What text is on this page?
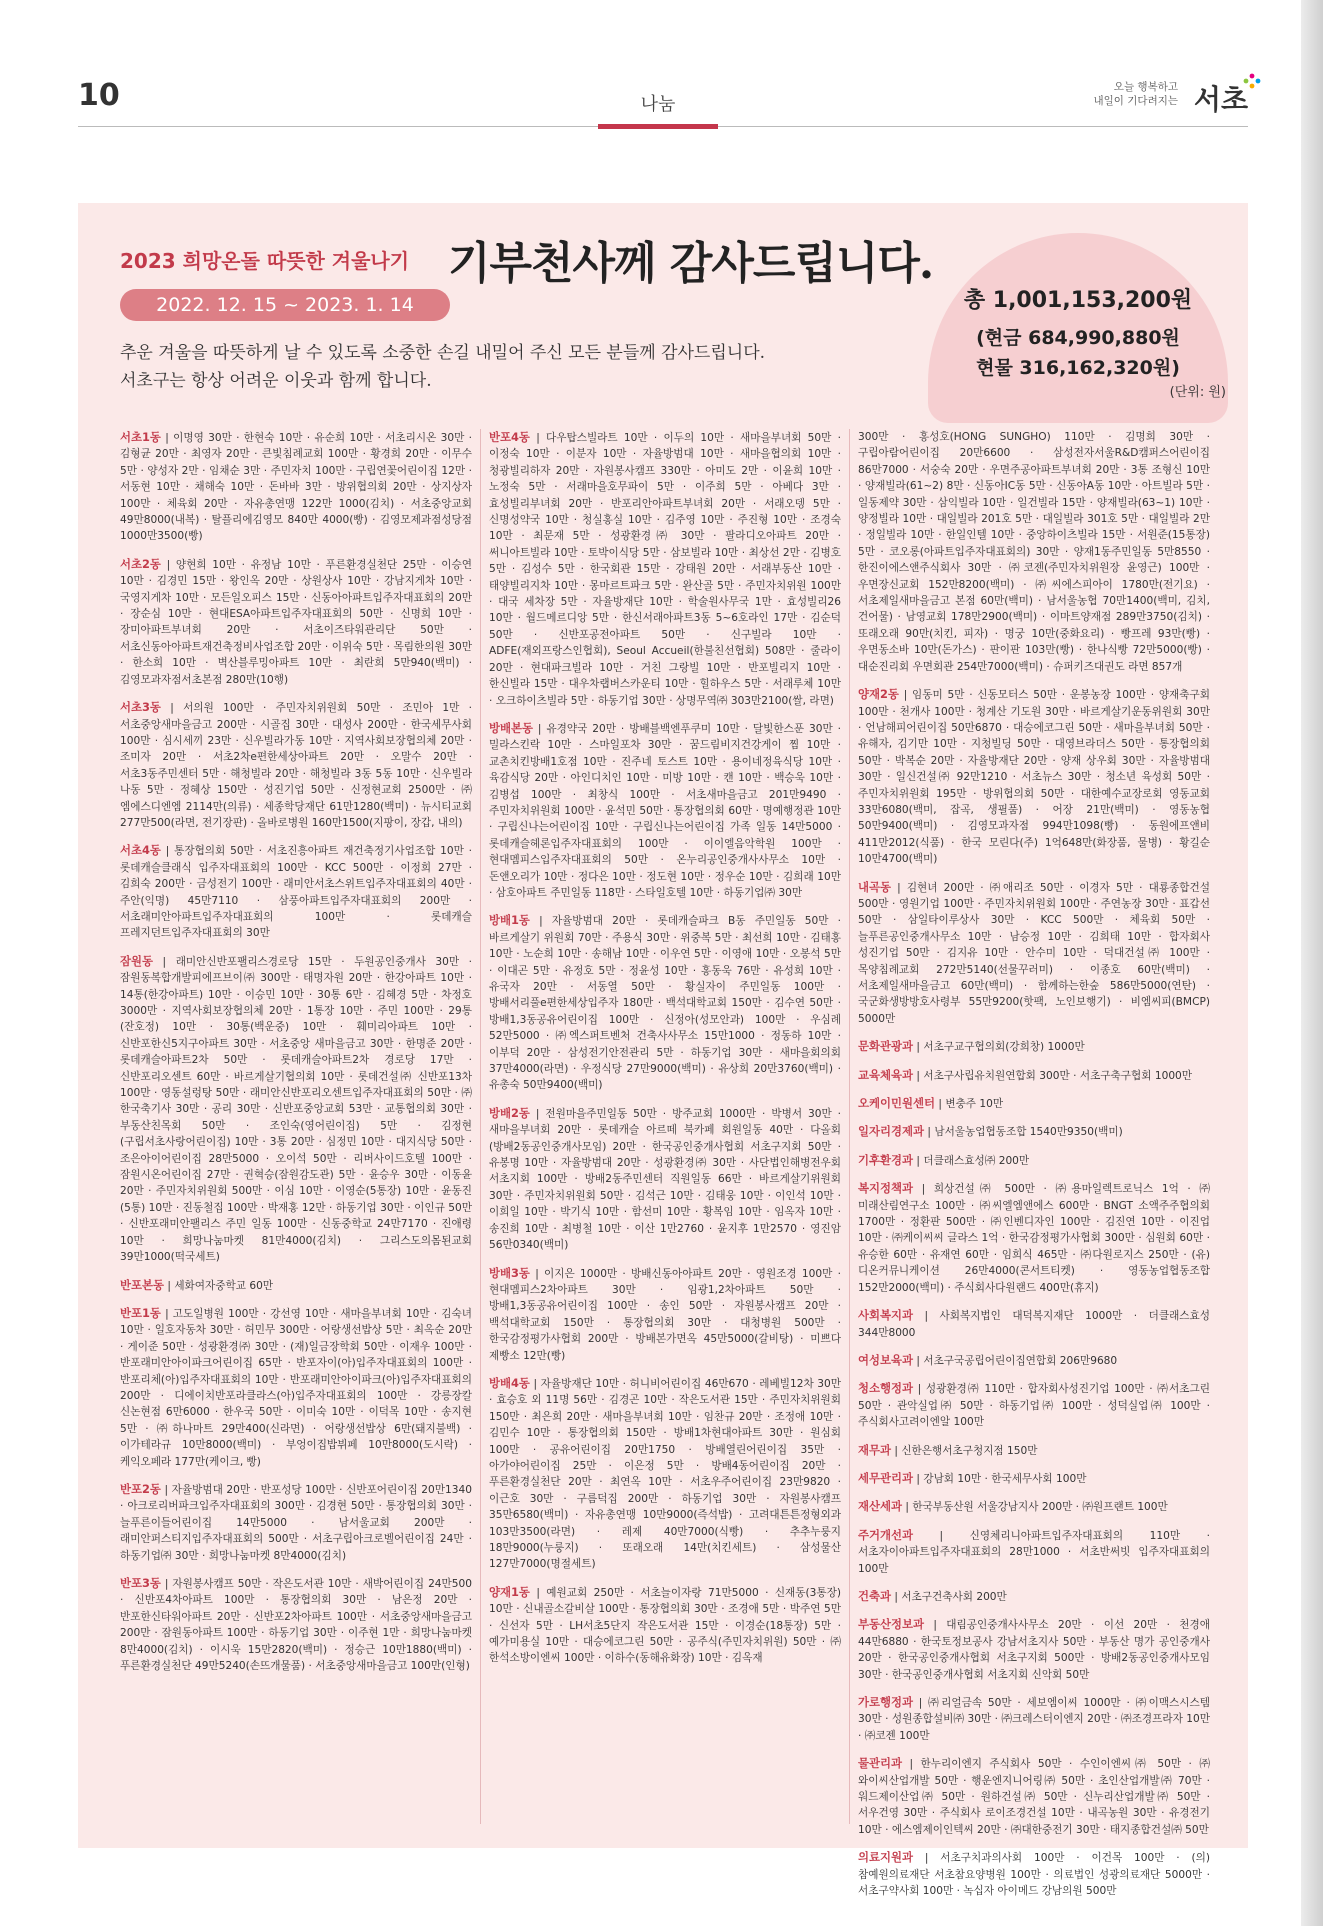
10	나눔
오늘 행복하고
내일이 기다려지는 서초
2023 희망온돌 따뜻한 겨울나기 기부천사께 감사드립니다.
2022. 12. 15 ~ 2023. 1. 14
추운 겨울을 따뜻하게 날 수 있도록 소중한 손길 내밀어 주신 모든 분들께 감사드립니다.
서초구는 항상 어려운 이웃과 함께 합니다.
총 1,001,153,200원
(현금 684,990,880원
현물 316,162,320원)
(단위: 원)
서초1동 | 이명영 30만 · 한현숙 10만 · 유순희 10만 · 서초리시온 30만 · 김형균 20만 · 최영자 20만 · 큰빛침례교회 100만 · 황경희 20만 · 이무수 5만 · 양성자 2만 · 임채순 3만 · 주민자치 100만 · 구립연꽃어린이집 12만 · 서동현 10만 · 채해숙 10만 · 돈바바 3만 · 방위협의회 20만 · 상지상자 100만 · 체육회 20만 · 자유총연맹 122만 1000(김치) · 서초중앙교회 49만8000(내복) · 탈플리에김영모 840만 4000(빵) · 김영모제과점성당점 1000만3500(빵)
서초2동 | 양현희 10만 · 유정남 10만 · 푸른환경실천단 25만 · 이승연 10만 · 김경민 15만 · 왕인옥 20만 · 상원상사 10만 · 강남지게차 10만 · 국영지게차 10만 · 모든일오피스 15만 · 신동아아파트입주자대표회의 20만 · 장순심 10만 · 현대ESA아파트입주자대표회의 50만 · 신명희 10만 · 장미아파트부녀회 20만 · 서초이즈타워관리단 50만 · 서초신동아아파트재건축정비사업조합 20만 · 이위숙 5만 · 목림한의원 30만 · 한소희 10만 · 벽산블루밍아파트 10만 · 최란희 5만940(백미) · 김영모과자점서초본점 280만(10행)
서초3동 | 서의원 100만 · 주민자치위원회 50만 · 조민아 1만 · 서초중앙새마을금고 200만 · 시골집 30만 · 대성사 200만 · 한국세무사회 100만 · 심시세끼 23만 · 신우빌라가동 10만 · 지역사회보장협의체 20만 · 조미자 20만 · 서초2차e편한세상아파트 20만 · 오말수 20만 · 서초3동주민센터 5만 · 해청빌라 20만 · 해청빌라 3동 5동 10만 · 신우빌라 나동 5만 · 정혜상 150만 · 성진기업 50만 · 신정현교회 2500만 · ㈜엠에스디엔엠 2114만(의류) · 세종학당재단 61만1280(백미) · 뉴시티교회 277만500(라면, 전기장판) · 올바로병원 160만1500(지팡이, 장갑, 내의)
서초4동 | 통장협의회 50만 · 서초진흥아파트 재건축정기사업조합 10만 · 롯데캐슬클래식 입주자대표회의 100만 · KCC 500만 · 이정희 27만 · 김희숙 200만 · 금성전기 100만 · 래미안서초스위트입주자대표회의 40만 · 주안(익명) 45만7110 · 삼풍아파트입주자대표회의 200만 · 서초래미안아파트입주자대표회의 100만 · 롯데캐슬 프레지던트입주자대표회의 30만
잠원동 | 래미안신반포팰리스경로당 15만 · 두원공인중개사 30만 · 잠원동복합개발피에프브이㈜ 300만 · 태명자원 20만 · 한강아파트 10만 · 14통(한강아파트) 10만 · 이승민 10만 · 30통 6만 · 김혜경 5만 · 차정호 3000만 · 지역사회보장협의체 20만 · 1통장 10만 · 주민 100만 · 29통(잔호정) 10만 · 30통(백운중) 10만 · 훼미리아파트 10만 · 신반포한신5지구아파트 30만 · 서초중앙 새마을금고 30만 · 한명준 20만 · 롯데캐슬아파트2차 50만 · 롯데캐슬아파트2차 경로당 17만 · 신반포리오센트 60만 · 바르게살기협의회 10만 · 롯데건설㈜ 신반포13차 100만 · 영동설렁탕 50만 · 래미안신반포리오센트입주자대표회의 50만 · ㈜한국축기사 30만 · 공리 30만 · 신반포중앙교회 53만 · 교통협의회 30만 · 부동산친목회 50만 · 조인숙(영어린이집) 5만 · 김정현(구립서초사랑어린이집) 10만 · 3통 20만 · 심정민 10만 · 대지식당 50만 · 조은아이어린이집 28만5000 · 오이석 50만 · 리버사이드호텔 100만 · 잠원시온어린이집 27만 · 권혁승(잠원감도관) 5만 · 윤승우 30만 · 이동윤 20만 · 주민자치위원회 500만 · 이심 10만 · 이영순(5통장) 10만 · 윤동진(5통) 10만 · 진동철집 100만 · 박재홍 12만 · 하동기업 30만 · 이인규 50만 · 신반포래미안팰리스 주민 일동 100만 · 신동중학교 24만7170 · 진애령 10만 · 희망나눔마켓 81만4000(김치) · 그리스도의몸된교회 39만1000(떡국세트)
반포본동 | 세화여자중학교 60만
반포1동 | 고도일병원 100만 · 강선영 10만 · 새마을부녀회 10만 · 김숙녀 10만 · 일호자동차 30만 · 허민무 300만 · 어랑생선밥상 5만 · 최옥순 20만 · 게이준 50만 · 성광환경㈜ 30만 · (재)일금장학회 50만 · 이재우 100만 · 반포래미안아이파크어린이집 65만 · 반포자이(아)입주자대표회의 100만 · 반포리체(아)입주자대표회의 10만 · 반포래미안아이파크(아)입주자대표회의 200만 · 디에이치반포라클라스(아)입주자대표회의 100만 · 강릉장칼 신논현점 6만6000 · 한우국 50만 · 이미숙 10만 · 이덕목 10만 · 송지현 5만 · ㈜하나마트 29만400(신라면) · 어랑생선밥상 6만(돼지불백) · 이가테라규 10만8000(백미) · 부엉이집밥뷔페 10만8000(도시락) · 케익오페라 177만(케이크, 빵)
반포2동 | 자율방범대 20만 · 반포성당 100만 · 신반포어린이집 20만1340 · 아크로리버파크입주자대표회의 300만 · 김경현 50만 · 통장협의회 30만 · 늘푸른이들어린이집 14만5000 · 남서울교회 200만 · 래미안퍼스티지입주자대표회의 500만 · 서초구립아크로벨어린이집 24만 · 하동기업㈜ 30만 · 희망나눔마켓 8만4000(김치)
반포3동 | 자원봉사캠프 50만 · 작은도서관 10만 · 새박어린이집 24만500 · 신반포4차아파트 100만 · 통장협의회 30만 · 남은정 20만 · 반포한신타워아파트 20만 · 신반포2차아파트 100만 · 서초중앙새마을금고 200만 · 잠원동아파트 100만 · 하동기업 30만 · 이주현 1만 · 희망나눔마켓 8만4000(김치) · 이시욱 15만2820(백미) · 정승근 10만1880(백미) · 푸른환경실천단 49만5240(손뜨개물품) · 서초중앙새마을금고 100만(인형)
반포4동 | 다우탑스빌라트 10만 · 이두의 10만 · 새마을부녀회 50만 · 이정숙 10만 · 이분자 10만 · 자율방범대 10만 · 새마을협의회 10만 · 청광빌리하자 20만 · 자원봉사캠프 330만 · 아미도 2만 · 이윤희 10만 · 노정숙 5만 · 서래마을호무파이 5만 · 이주희 5만 · 아베다 3만 · 효성빌리부녀회 20만 · 반포리안아파트부녀회 20만 · 서래오뎅 5만 · 신명성약국 10만 · 청실홍실 10만 · 김주영 10만 · 주진형 10만 · 조경숙 10만 · 최문재 5만 · 성광환경㈜ 30만 · 팔라디오아파트 20만 · 써니아트빌라 10만 · 토박이식당 5만 · 삼보빌라 10만 · 최상선 2만 · 김병호 5만 · 김성수 5만 · 한국회관 15만 · 강태원 20만 · 서래부동산 10만 · 태양빌리지차 10만 · 몽마르트파크 5만 · 완산골 5만 · 주민자치위원 100만 · 대국 세차장 5만 · 자율방재단 10만 · 학술원사무국 1만 · 효성빌리26 10만 · 월드메르디앙 5만 · 한신서래아파트3동 5~6호라인 17만 · 김순덕 50만 · 신반포공전아파트 50만 · 신구빌라 10만 · ADFE(재외프랑스인협회), Seoul Accueil(한불친선협회) 508만 · 줄라이 20만 · 현대파크빌라 10만 · 거친 그랑빌 10만 · 반포빌리지 10만 · 한신빌라 15만 · 대우차랩버스카운티 10만 · 힐하우스 5만 · 서래루체 10만 · 오크하이츠빌라 5만 · 하동기업 30만 · 상명무역㈜ 303만2100(쌀, 라면)
방배본동 | 유경약국 20만 · 방배블백엔푸쿠미 10만 · 달빛한스푼 30만 · 밀라스킨락 10만 · 스마일포차 30만 · 꿈드림비지건강게이 찜 10만 · 교촌치킨방배1호점 10만 · 진주네 토스트 10만 · 용이네정육식당 10만 · 육감식당 20만 · 아인디치인 10만 · 미방 10만 · 캔 10만 · 백승욱 10만 · 김병섭 100만 · 최창식 100만 · 서초새마을금고 201만9490 · 주민자치위원회 100만 · 윤석민 50만 · 통장협의회 60만 · 명예행정관 10만 · 구립신나는어린이집 10만 · 구립신나는어린이집 가족 일동 14만5000 · 롯데캐슬헤론입주자대표회의 100만 · 이이엘음악학원 100만 · 현대멤피스입주자대표회의 50만 · 온누리공인중개사사무소 10만 · 돈앤오리가 10만 · 정다은 10만 · 정도현 10만 · 정우순 10만 · 김희래 10만 · 삼호아파트 주민일동 118만 · 스타일호텔 10만 · 하동기업㈜ 30만
방배1동 | 자율방범대 20만 · 롯데캐슬파크 B동 주민일동 50만 · 바르게살기 위원회 70만 · 주용식 30만 · 위중복 5만 · 최선희 10만 · 김태홍 10만 · 노순희 10만 · 송해남 10만 · 이우연 5만 · 이영애 10만 · 오봉석 5만 · 이대곤 5만 · 유정호 5만 · 정윤성 10만 · 홍동욱 76만 · 유성희 10만 · 유국자 20만 · 서동열 50만 · 황실자이 주민일동 100만 · 방배서리풀e편한세상입주자 180만 · 백석대학교회 150만 · 김수연 50만 · 방배1,3동공유어린이집 100만 · 신정아(성모안과) 100만 · 우심례 52만5000 · ㈜엑스퍼트벤처 건축사사무소 15만1000 · 정동하 10만 · 이부덕 20만 · 삼성전기안전관리 5만 · 하동기업 30만 · 새마을회의회 37만4000(라면) · 우정식당 27만9000(백미) · 유상희 20만3760(백미) · 유총숙 50만9400(백미)
방배2동 | 전원마을주민일동 50만 · 방주교회 1000만 · 박병서 30만 · 새마을부녀회 20만 · 롯데캐슬 아르떼 북카페 회원일동 40만 · 다올회(방배2동공인중개사모임) 20만 · 한국공인중개사협회 서초구지회 50만 · 유봉명 10만 · 자율방범대 20만 · 성광환경㈜ 30만 · 사단법인해병전우회 서초지회 100만 · 방배2동주민센터 직원일동 66만 · 바르게살기위원회 30만 · 주민자치위원회 50만 · 김석근 10만 · 김태웅 10만 · 이인석 10만 · 이희일 10만 · 박기식 10만 · 함선미 10만 · 황복임 10만 · 임옥자 10만 · 송진희 10만 · 최병철 10만 · 이산 1만2760 · 윤지후 1만2570 · 영진암 56만0340(백미)
방배3동 | 이지은 1000만 · 방배신동아아파트 20만 · 영원조경 100만 · 현대멤피스2차아파트 30만 · 임광1,2차아파트 50만 · 방배1,3동공유어린이집 100만 · 송인 50만 · 자원봉사캠프 20만 · 백석대학교회 150만 · 통장협의회 30만 · 대청병원 500만 · 한국감정평가사협회 200만 · 방배본가면옥 45만5000(갈비탕) · 미쁘다 제빵소 12만(빵)
방배4동 | 자율방재단 10만 · 허니비어린이집 46만670 · 레베빌12차 30만 · 효승호 외 11명 56만 · 김경곤 10만 · 작은도서관 15만 · 주민자치위원회 150만 · 최은희 20만 · 새마을부녀회 10만 · 임찬규 20만 · 조정애 10만 · 김민수 10만 · 통장협의회 150만 · 방배1차현대아파트 30만 · 원심회 100만 · 공유어린이집 20만1750 · 방배열린어린이집 35만 · 아가야어린이집 25만 · 이은정 5만 · 방배4동어린이집 20만 · 푸른환경실천단 20만 · 최연옥 10만 · 서초우주어린이집 23만9820 · 이근호 30만 · 구름덕집 200만 · 하동기업 30만 · 자원봉사캠프 35만6580(백미) · 자유총연맹 10만9000(즉석밥) · 고려대튼튼정형외과 103만3500(라면) · 레제 40만7000(식빵) · 추추누룽지 18만9000(누룽지) · 또래오래 14만(치킨세트) · 삼성물산 127만7000(명절세트)
양재1동 | 예원교회 250만 · 서초늘이자랑 71만5000 · 신재동(3통장) 10만 · 신내골소갈비살 100만 · 통장협의회 30만 · 조경애 5만 · 박주연 5만 · 신선자 5만 · LH서초5단지 작은도서관 15만 · 이경순(18통장) 5만 · 예가미용실 10만 · 대승에코그린 50만 · 공주식(주민자치위원) 50만 · ㈜한석소방이엔씨 100만 · 이하수(동해유화장) 10만 · 김옥재
300만 · 홍성호(HONG SUNGHO) 110만 · 김명희 30만 · 구립아람어린이집 20만6600 · 삼성전자서울R&D캠퍼스어린이집 86만7000 · 서숭숙 20만 · 우면주공아파트부녀회 20만 · 3통 조형신 10만 · 양재빌라(61~2) 8만 · 신동아IC동 5만 · 신동아A동 10만 · 아트빌라 5만 · 일동제약 30만 · 삼익빌라 10만 · 일건빌라 15만 · 양재빌라(63~1) 10만 · 양정빌라 10만 · 대일빌라 201호 5만 · 대일빌라 301호 5만 · 대일빌라 2만 · 정일빌라 10만 · 한일인텔 10만 · 중앙하이츠빌라 15만 · 서원준(15통장) 5만 · 코오롱(아파트입주자대표회의) 30만 · 양재1동주민일동 5만8550 · 한진이에스앤주식회사 30만 · ㈜코젠(주민자치위원장 윤영근) 100만 · 우면장신교회 152만8200(백미) · ㈜씨에스피아이 1780만(전기요) · 서초제일새마을금고 본점 60만(백미) · 남서울농협 70만1400(백미, 김치, 건어물) · 남영교회 178만2900(백미) · 이마트양재점 289만3750(김치) · 또래오래 90만(치킨, 피자) · 명궁 10만(중화요리) · 빵프레 93만(빵) · 우면동소바 10만(돈가스) · 판이판 103만(빵) · 한나식빵 72만5000(빵) · 대순진리회 우면회관 254만7000(백미) · 슈퍼키즈대권도 라면 857개
양재2동 | 임동미 5만 · 신동모터스 50만 · 운봉농장 100만 · 양재축구회 100만 · 천개사 100만 · 청계산 기도원 30만 · 바르게살기운동위원회 30만 · 언남해피어린이집 50만6870 · 대승에코그린 50만 · 새마을부녀회 50만 · 유해자, 김기만 10만 · 지청빌딩 50만 · 대영브라더스 50만 · 통장협의회 50만 · 박복순 20만 · 자율방재단 20만 · 양재 상우회 30만 · 자율방범대 30만 · 일신건설㈜ 92만1210 · 서초뉴스 30만 · 청소년 육성회 50만 · 주민자치위원회 195만 · 방위협의회 50만 · 대한예수교장로회 영동교회 33만6080(백미, 잡곡, 생필품) · 어장 21만(백미) · 영동농협 50만9400(백미) · 김영모과자점 994만1098(빵) · 동원에프앤비 411만2012(식품) · 한국 모린다(주) 1억648만(화장품, 물병) · 황길순 10만4700(백미)
내곡동 | 김현녀 200만 · ㈜애리조 50만 · 이경자 5만 · 대룡종합건설 500만 · 영원기업 100만 · 주민자치위원회 100만 · 주연농장 30만 · 표갑선 50만 · 삼일타이루상사 30만 · KCC 500만 · 체육회 50만 · 늘푸른공인중개사무소 10만 · 남승정 10만 · 김희태 10만 · 합자회사 성진기업 50만 · 김지유 10만 · 안수미 10만 · 덕대건설㈜ 100만 · 목양침례교회 272만5140(선물꾸러미) · 이종호 60만(백미) · 서초제일새마을금고 60만(백미) · 함께하는한숲 586만5000(연탄) · 국군화생방방호사령부 55만9200(핫팩, 노인보행기) · 비엠씨피(BMCP) 5000만
문화관광과 | 서초구교구협의회(강희창) 1000만
교육체육과 | 서초구사립유치원연합회 300만 · 서초구축구협회 1000만
오케이민원센터 | 변충주 10만
일자리경제과 | 남서울농업협동조합 1540만9350(백미)
기후환경과 | 더클래스효성㈜ 200만
복지정책과 | 희상건설㈜ 500만 · ㈜용마일렉트로닉스 1억 · ㈜미래산림연구소 100만 · ㈜씨엘엠앤에스 600만 · BNGT 소액주주협의회 1700만 · 정환판 500만 · ㈜인벤디자인 100만 · 김진연 10만 · 이진업 10만 · ㈜케이씨씨 글라스 1억 · 한국감정평가사협회 300만 · 심원회 60만 · 유승한 60만 · 유재연 60만 · 임희식 465만 · ㈜다원로지스 250만 · (유)디온커뮤니케이션 26만4000(콘서트티켓) · 영동농업협동조합 152만2000(백미) · 주식회사다원랜드 400만(휴지)
사회복지과 | 사회복지법인 대덕복지재단 1000만 · 더클래스효성 344만8000
여성보육과 | 서초구국공립어린이집연합회 206만9680
청소행정과 | 성광환경㈜ 110만 · 합자회사성진기업 100만 · ㈜서초그린 50만 · 관악실업㈜ 50만 · 하동기업㈜ 100만 · 성덕실업㈜ 100만 · 주식회사고려이엔알 100만
재무과 | 신한은행서초구청지점 150만
세무관리과 | 강남회 10만 · 한국세무사회 100만
재산세과 | 한국부동산원 서울강남지사 200만 · ㈜원프랜트 100만
주거개선과 | 신영체리니아파트입주자대표회의 110만 · 서초자이아파트입주자대표회의 28만1000 · 서초반써빗 입주자대표회의 100만
건축과 | 서초구건축사회 200만
부동산정보과 | 대림공인중개사사무소 20만 · 이선 20만 · 천경애 44만6880 · 한국토정보공사 강남서초지사 50만 · 부동산 명가 공인중개사 20만 · 한국공인중개사협회 서초구지회 500만 · 방배2동공인중개사모임 30만 · 한국공인중개사협회 서초지회 신악회 50만
가로행정과 | ㈜리얼금속 50만 · 세보엠이씨 1000만 · ㈜이맥스시스템 30만 · 성원종합설비㈜ 30만 · ㈜크레스터이엔지 20만 · ㈜조경프라자 10만 · ㈜코젠 100만
물관리과 | 한누리이엔지 주식회사 50만 · 수인이엔씨㈜ 50만 · ㈜와이씨산업개발 50만 · 행운엔지니어링㈜ 50만 · 초인산업개발㈜ 70만 · 워드제이산업㈜ 50만 · 원하건설㈜ 50만 · 신누리산업개발㈜ 50만 · 서우건영 30만 · 주식회사 로이조경건설 10만 · 내곡농원 30만 · 유경전기 10만 · 에스엠제이인텍씨 20만 · ㈜대한중전기 30만 · 태지종합건설㈜ 50만
의료지원과 | 서초구치과의사회 100만 · 이건목 100만 · (의)참예원의료재단 서초참요양병원 100만 · 의료법인 성광의료재단 5000만 · 서초구약사회 100만 · 녹십자 아이메드 강남의원 500만
